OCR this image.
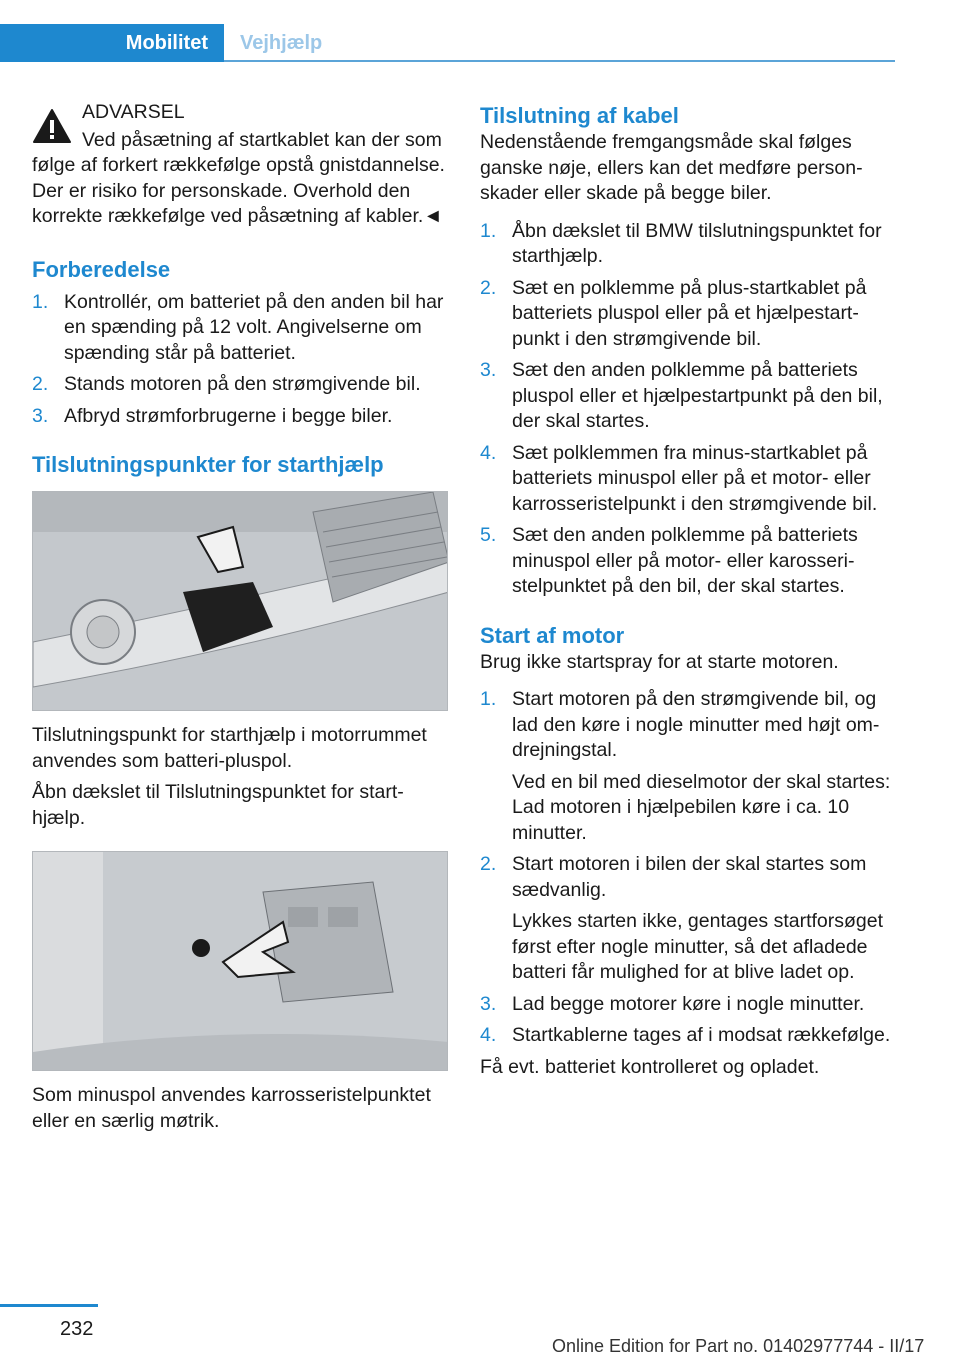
Mobilitet	Vejhjælp
ADVARSEL
Ved påsætning af startkablet kan der som følge af forkert rækkefølge opstå gnistdannelse. Der er risiko for personskade. Overhold den korrekte rækkefølge ved påsætning af kabler.◄
Forberedelse
1. Kontrollér, om batteriet på den anden bil har en spænding på 12 volt. Angivelserne om spænding står på batteriet.
2. Stands motoren på den strømgivende bil.
3. Afbryd strømforbrugerne i begge biler.
Tilslutningspunkter for starthjælp

Tilslutningspunkt for starthjælp i motorrummet anvendes som batteri-pluspol.

Åbn dækslet til Tilslutningspunktet for starthjælp.

Som minuspol anvendes karrosseristelpunktet eller en særlig møtrik.

Tilslutning af kabel

Nedenstående fremgangsmåde skal følges ganske nøje, ellers kan det medføre personskader eller skade på begge biler.

1. Åbn dækslet til BMW tilslutningspunktet for starthjælp.
2. Sæt en polklemme på plus-startkablet på batteriets pluspol eller på et hjælpestartpunkt i den strømgivende bil.
3. Sæt den anden polklemme på batteriets pluspol eller et hjælpestartpunkt på den bil, der skal startes.
4. Sæt polklemmen fra minus-startkablet på batteriets minuspol eller på et motor- eller karrosseristelpunkt i den strømgivende bil.
5. Sæt den anden polklemme på batteriets minuspol eller på motor- eller karosseristelpunktet på den bil, der skal startes.
Start af motor

Brug ikke startspray for at starte motoren.

1. Start motoren på den strømgivende bil, og lad den køre i nogle minutter med højt omdrejningstal.

Ved en bil med dieselmotor der skal startes: Lad motoren i hjælpebilen køre i ca. 10 minutter.

2. Start motoren i bilen der skal startes som sædvanlig.

Lykkes starten ikke, gentages startforsøget først efter nogle minutter, så det afladede batteri får mulighed for at blive ladet op.

3. Lad begge motorer køre i nogle minutter.
4. Startkablerne tages af i modsat rækkefølge.

Få evt. batteriet kontrolleret og opladet.

232
Online Edition for Part no. 01402977744 - II/17
